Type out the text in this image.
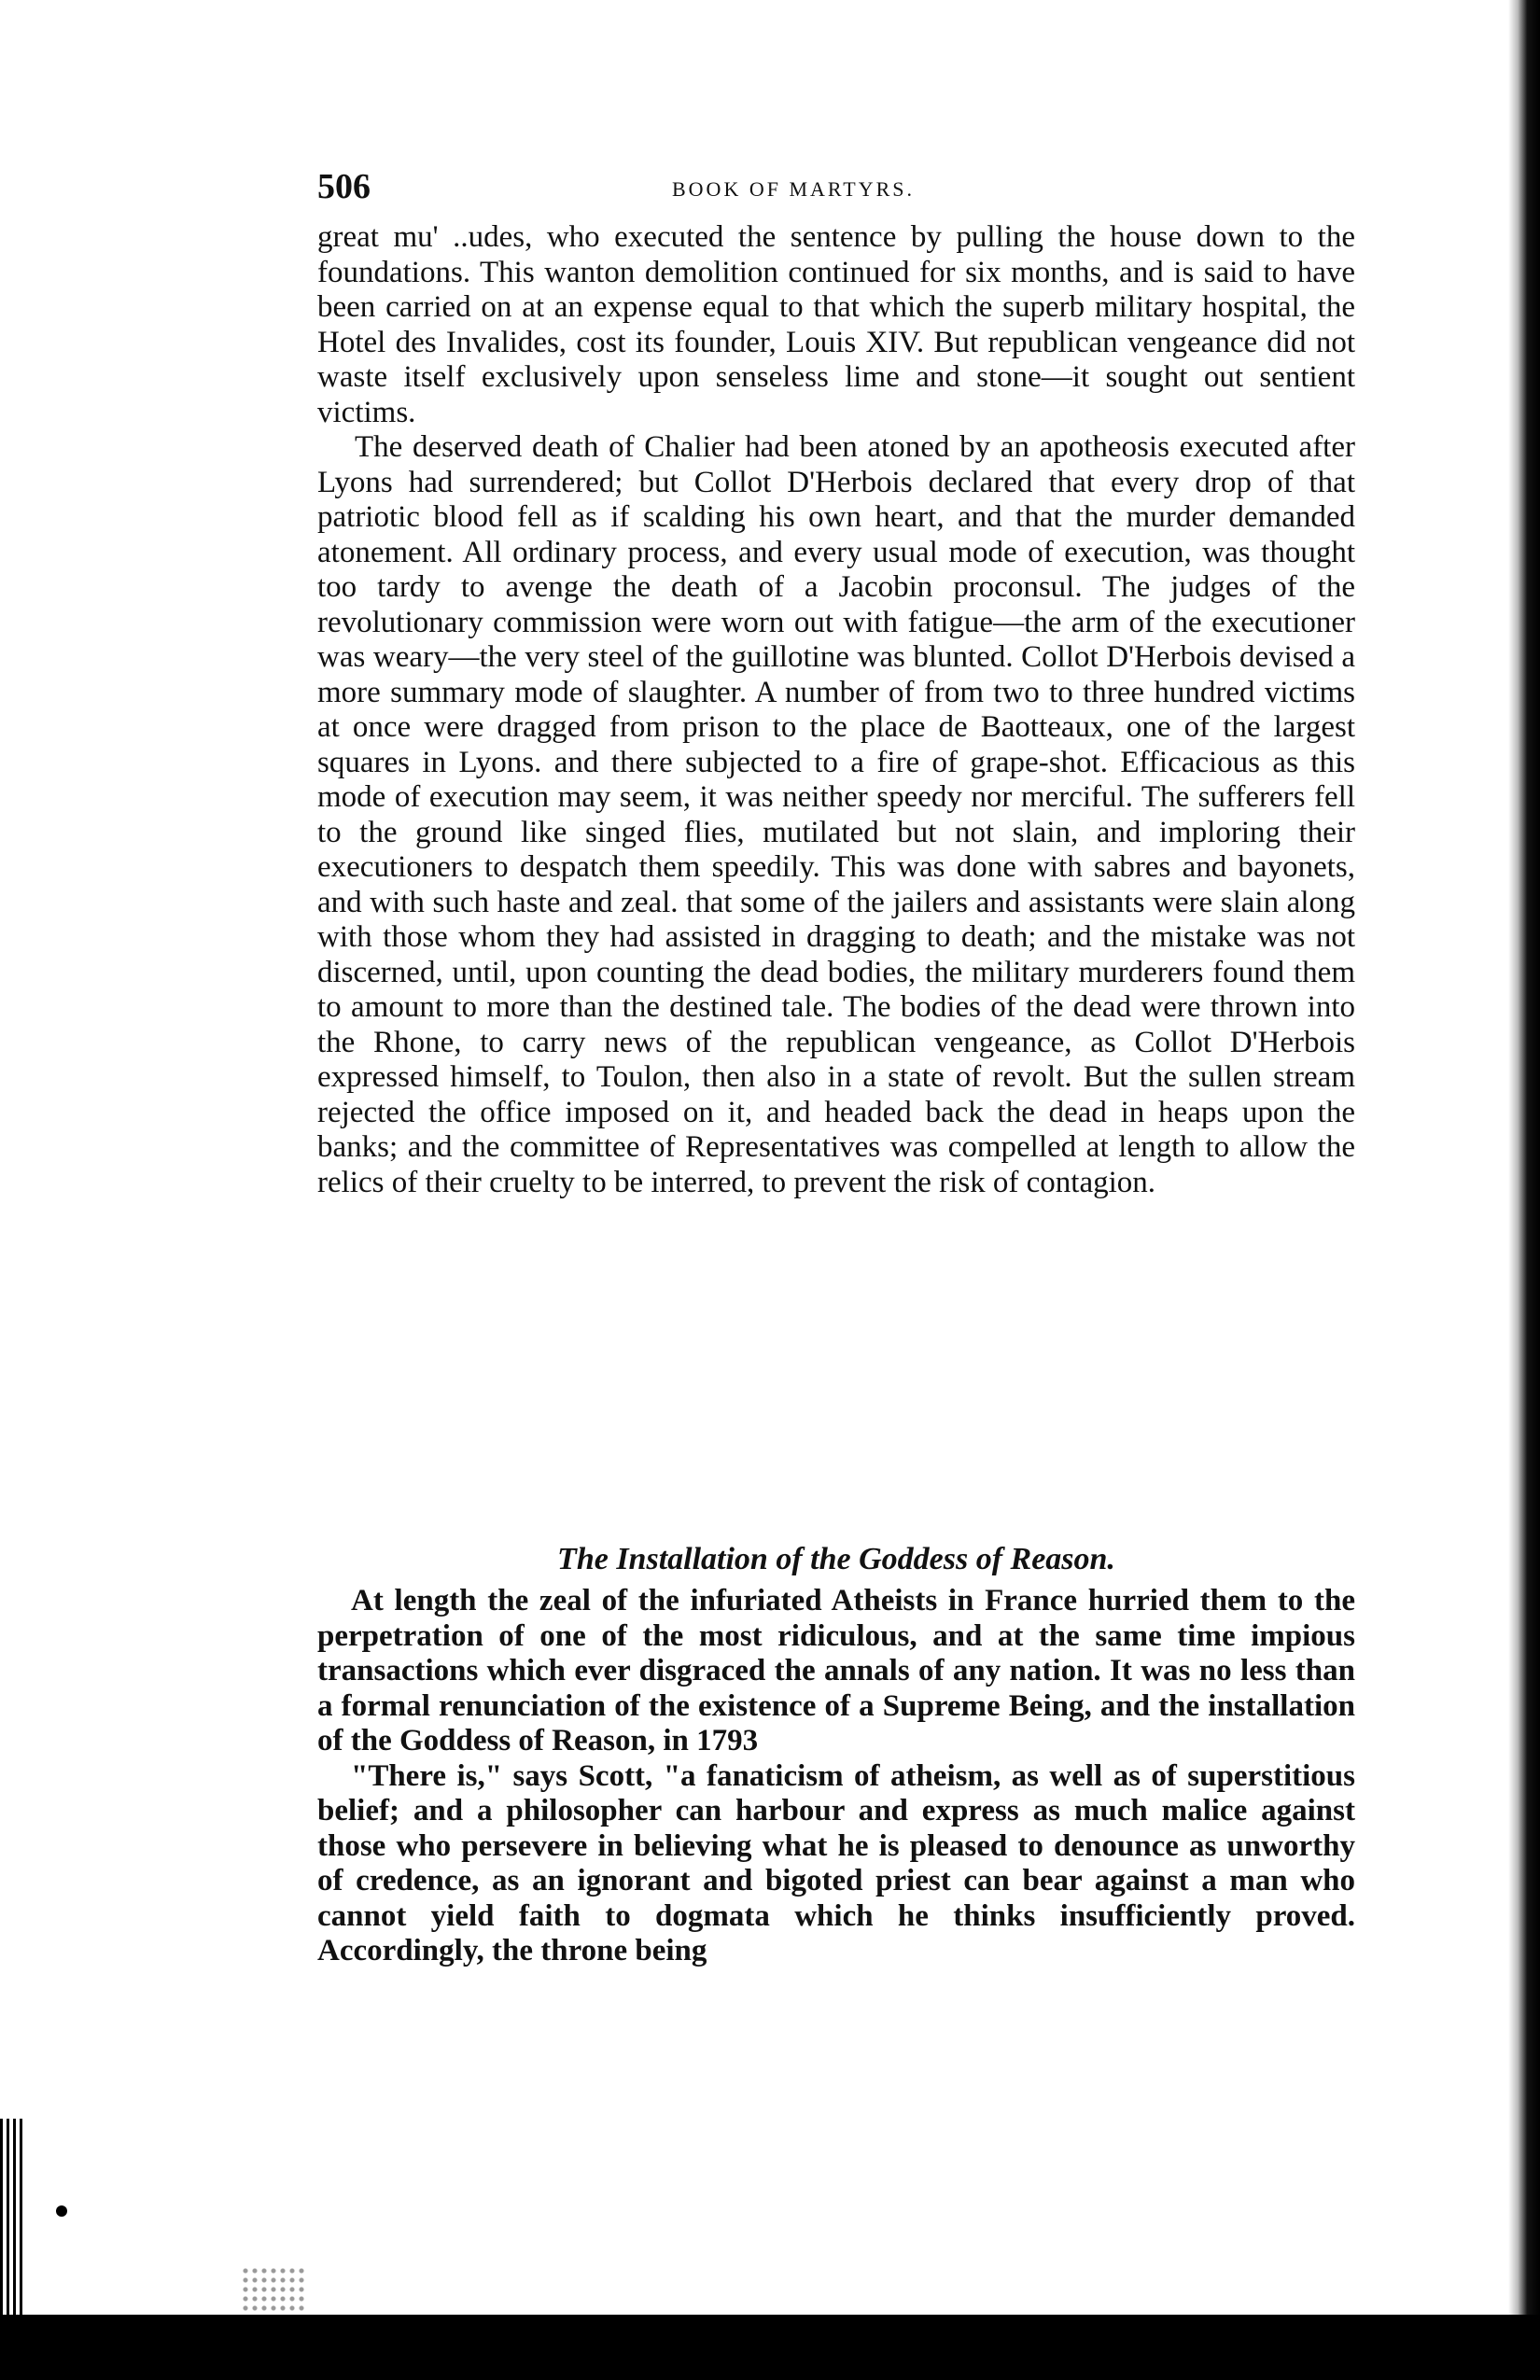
506	BOOK OF MARTYRS.

great mu' ..udes, who executed the sentence by pulling the house down to the foundations. This wanton demolition continued for six months, and is said to have been carried on at an expense equal to that which the superb military hospital, the Hotel des Invalides, cost its founder, Louis XIV. But republican vengeance did not waste itself exclusively upon senseless lime and stone—it sought out sentient victims.

The deserved death of Chalier had been atoned by an apotheosis executed after Lyons had surrendered; but Collot D'Herbois declared that every drop of that patriotic blood fell as if scalding his own heart, and that the murder demanded atonement. All ordinary process, and every usual mode of execution, was thought too tardy to avenge the death of a Jacobin proconsul. The judges of the revolutionary commission were worn out with fatigue—the arm of the executioner was weary—the very steel of the guillotine was blunted. Collot D'Herbois devised a more summary mode of slaughter. A number of from two to three hundred victims at once were dragged from prison to the place de Baotteaux, one of the largest squares in Lyons. and there subjected to a fire of grape-shot. Efficacious as this mode of execution may seem, it was neither speedy nor merciful. The sufferers fell to the ground like singed flies, mutilated but not slain, and imploring their executioners to despatch them speedily. This was done with sabres and bayonets, and with such haste and zeal. that some of the jailers and assistants were slain along with those whom they had assisted in dragging to death; and the mistake was not discerned, until, upon counting the dead bodies, the military murderers found them to amount to more than the destined tale. The bodies of the dead were thrown into the Rhone, to carry news of the republican vengeance, as Collot D'Herbois expressed himself, to Toulon, then also in a state of revolt. But the sullen stream rejected the office imposed on it, and headed back the dead in heaps upon the banks; and the committee of Representatives was compelled at length to allow the relics of their cruelty to be interred, to prevent the risk of contagion.

The Installation of the Goddess of Reason.

At length the zeal of the infuriated Atheists in France hurried them to the perpetration of one of the most ridiculous, and at the same time impious transactions which ever disgraced the annals of any nation. It was no less than a formal renunciation of the existence of a Supreme Being, and the installation of the Goddess of Reason, in 1793

"There is," says Scott, "a fanaticism of atheism, as well as of superstitious belief; and a philosopher can harbour and express as much malice against those who persevere in believing what he is pleased to denounce as unworthy of credence, as an ignorant and bigoted priest can bear against a man who cannot yield faith to dogmata which he thinks insufficiently proved. Accordingly, the throne being
